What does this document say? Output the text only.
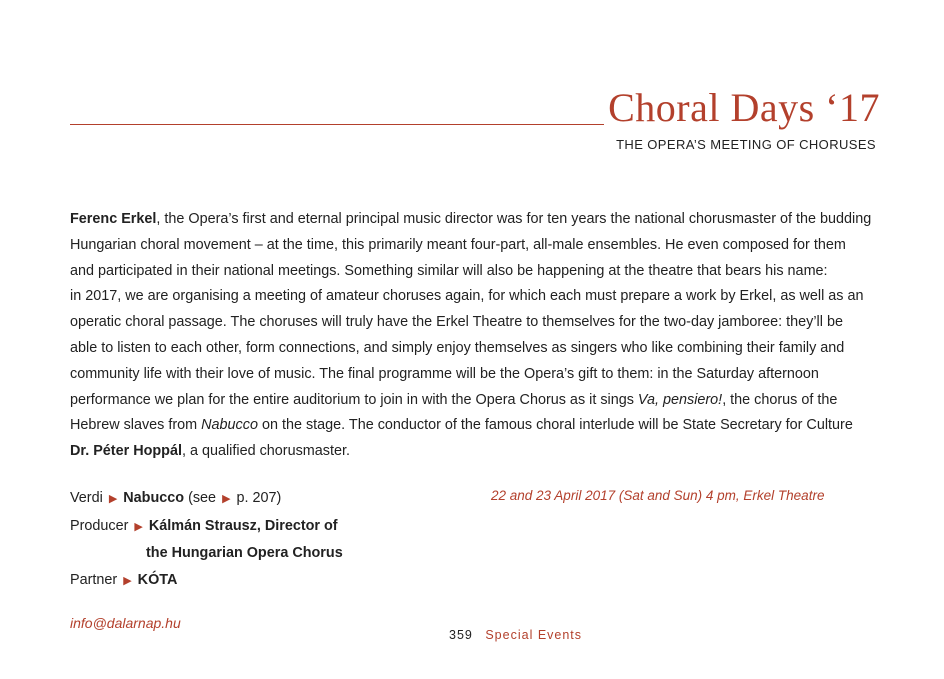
Choral Days ‘17
THE OPERA’S MEETING OF CHORUSES
Ferenc Erkel, the Opera’s first and eternal principal music director was for ten years the national chorusmaster of the budding
Hungarian choral movement – at the time, this primarily meant four-part, all-male ensembles. He even composed for them
and participated in their national meetings. Something similar will also be happening at the theatre that bears his name:
in 2017, we are organising a meeting of amateur choruses again, for which each must prepare a work by Erkel, as well as an
operatic choral passage. The choruses will truly have the Erkel Theatre to themselves for the two-day jamboree: they’ll be
able to listen to each other, form connections, and simply enjoy themselves as singers who like combining their family and
community life with their love of music. The final programme will be the Opera’s gift to them: in the Saturday afternoon
performance we plan for the entire auditorium to join in with the Opera Chorus as it sings Va, pensiero!, the chorus of the
Hebrew slaves from Nabucco on the stage. The conductor of the famous choral interlude will be State Secretary for Culture
Dr. Péter Hoppál, a qualified chorusmaster.
Verdi ▶ Nabucco (see ▶ p. 207)
Producer ▶ Kálmán Strausz, Director of
the Hungarian Opera Chorus
Partner ▶ KÓTA
22 and 23 April 2017 (Sat and Sun) 4 pm, Erkel Theatre
info@dalarnap.hu
359 Special Events
